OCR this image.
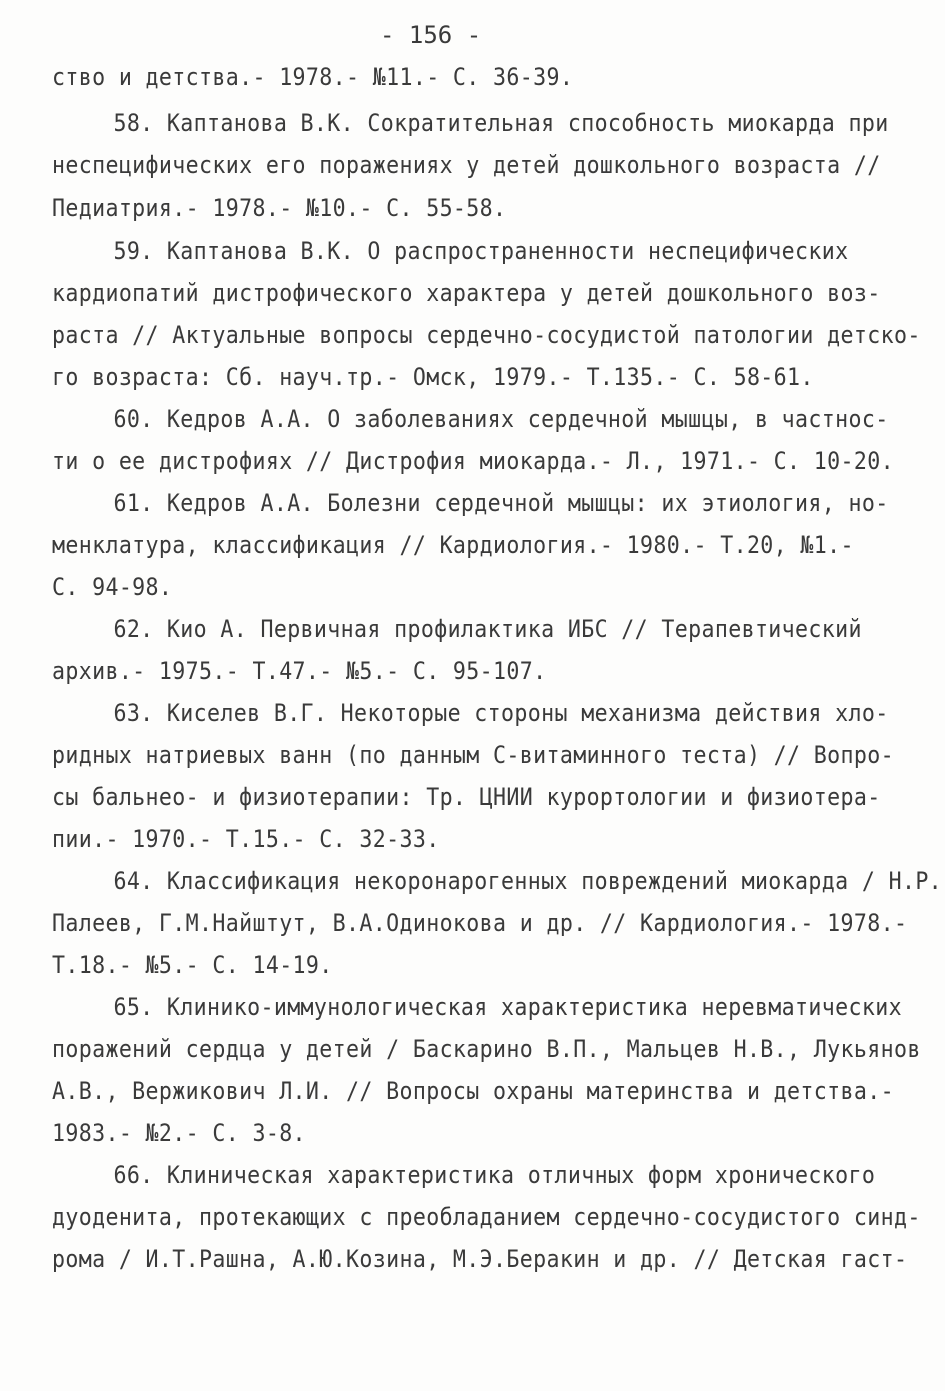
- 156 -
ство и детства.- 1978.- №11.- С. 36-39.
58. Каптанова В.К. Сократительная способность миокарда при
неспецифических его поражениях у детей дошкольного возраста //
Педиатрия.- 1978.- №10.- С. 55-58.
59. Каптанова В.К. О распространенности неспецифических
кардиопатий дистрофического характера у детей дошкольного воз-
раста // Актуальные вопросы сердечно-сосудистой патологии детско-
го возраста: Сб. науч.тр.- Омск, 1979.- Т.135.- С. 58-61.
60. Кедров А.А. О заболеваниях сердечной мышцы, в частнос-
ти о ее дистрофиях // Дистрофия миокарда.- Л., 1971.- С. 10-20.
61. Кедров А.А. Болезни сердечной мышцы: их этиология, но-
менклатура, классификация // Кардиология.- 1980.- Т.20, №1.-
С. 94-98.
62. Кио А. Первичная профилактика ИБС // Терапевтический
архив.- 1975.- Т.47.- №5.- С. 95-107.
63. Киселев В.Г. Некоторые стороны механизма действия хло-
ридных натриевых ванн (по данным С-витаминного теста) // Вопро-
сы бальнео- и физиотерапии: Тр. ЦНИИ курортологии и физиотера-
пии.- 1970.- Т.15.- С. 32-33.
64. Классификация некоронарогенных повреждений миокарда / Н.Р.
Палеев, Г.М.Найштут, В.А.Одинокова и др. // Кардиология.- 1978.-
Т.18.- №5.- С. 14-19.
65. Клинико-иммунологическая характеристика неревматических
поражений сердца у детей / Баскарино В.П., Мальцев Н.В., Лукьянов
А.В., Вержикович Л.И. // Вопросы охраны материнства и детства.-
1983.- №2.- С. 3-8.
66. Клиническая характеристика отличных форм хронического
дуоденита, протекающих с преобладанием сердечно-сосудистого синд-
рома / И.Т.Рашна, А.Ю.Козина, М.Э.Беракин и др. // Детская гаст-
